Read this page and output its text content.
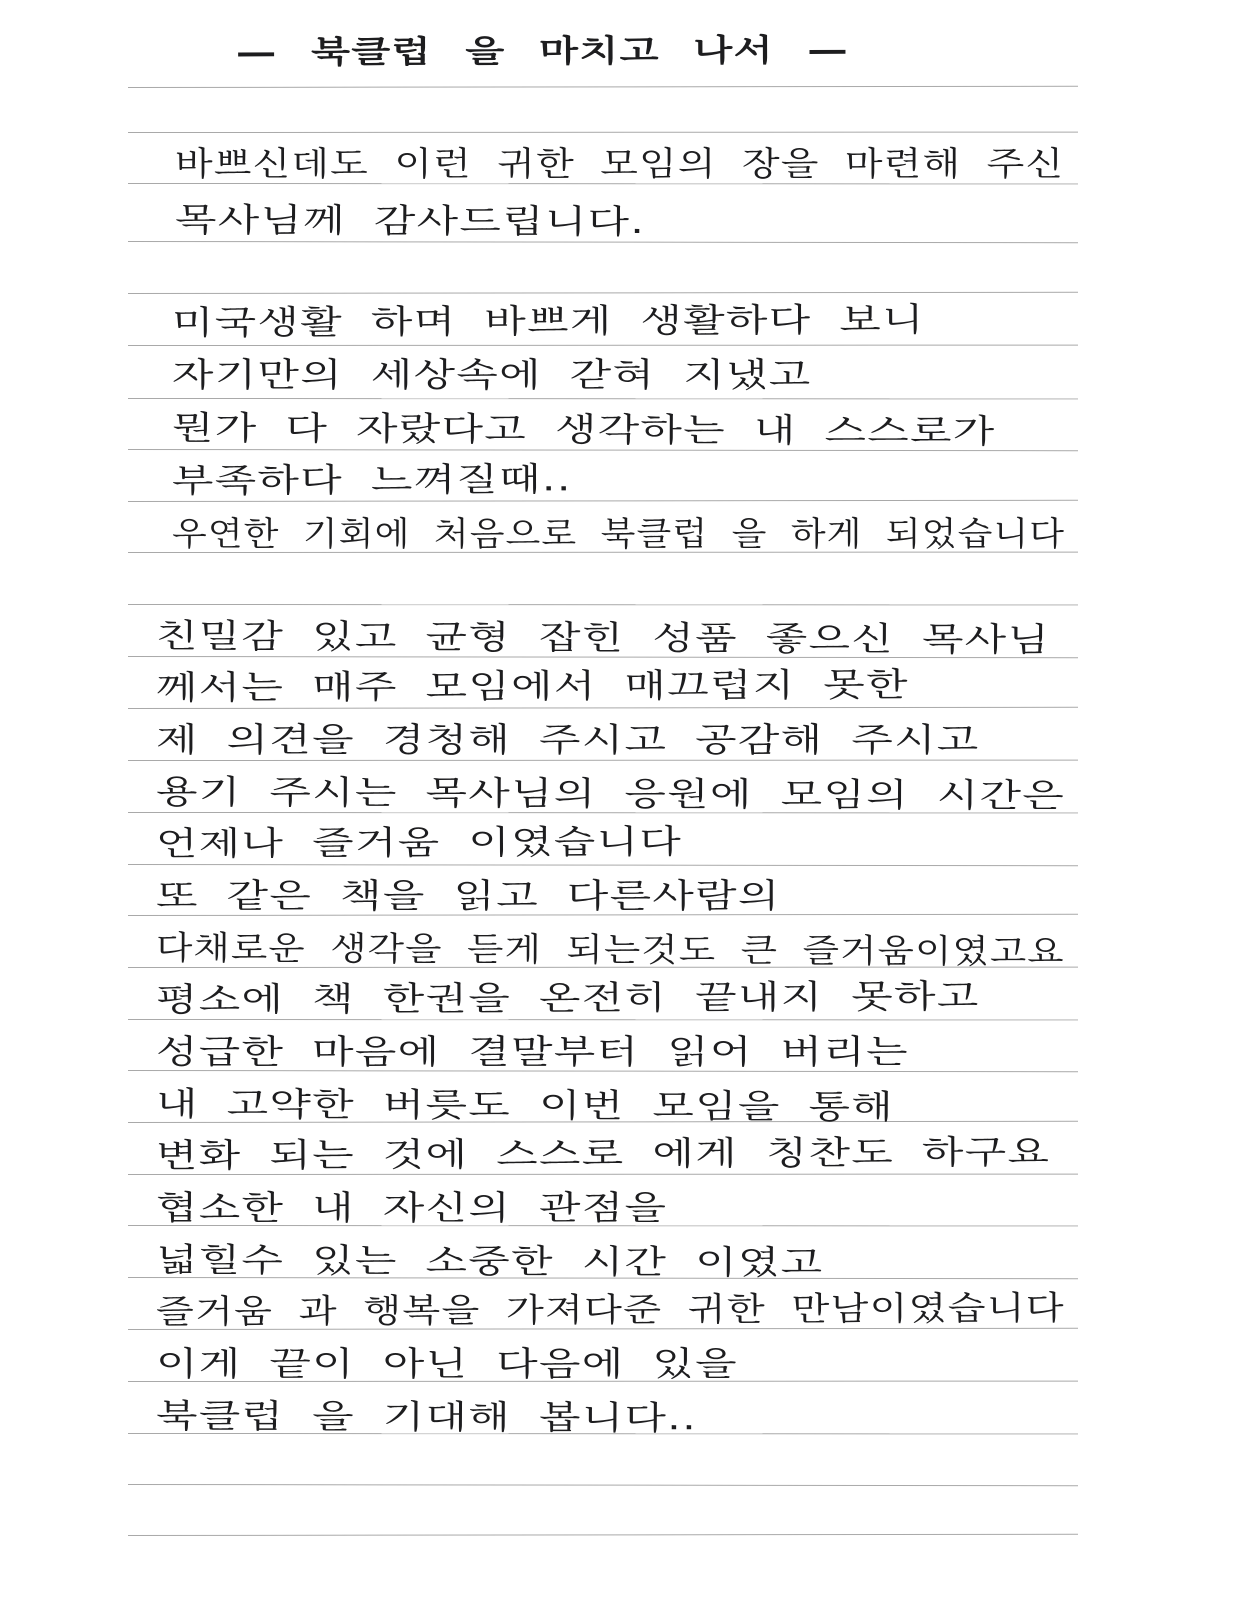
— 북클럽 을 마치고 나서 —

바쁘신데도 이런 귀한 모임의 장을 마련해 주신

목사님께 감사드립니다.

미국생활 하며 바쁘게 생활하다 보니

자기만의 세상속에 갇혀 지냈고

뭔가 다 자랐다고 생각하는 내 스스로가

부족하다 느껴질때..

우연한 기회에 처음으로 북클럽 을 하게 되었습니다

친밀감 있고 균형 잡힌 성품 좋으신 목사님

께서는 매주 모임에서 매끄럽지 못한

제 의견을 경청해 주시고 공감해 주시고

용기 주시는 목사님의 응원에 모임의 시간은

언제나 즐거움 이였습니다

또 같은 책을 읽고 다른사람의

다채로운 생각을 듣게 되는것도 큰 즐거움이였고요

평소에 책 한권을 온전히 끝내지 못하고

성급한 마음에 결말부터 읽어 버리는

내 고약한 버릇도 이번 모임을 통해

변화 되는 것에 스스로 에게 칭찬도 하구요

협소한 내 자신의 관점을

넓힐수 있는 소중한 시간 이였고

즐거움 과 행복을 가져다준 귀한 만남이였습니다

이게 끝이 아닌 다음에 있을

북클럽 을 기대해 봅니다..
